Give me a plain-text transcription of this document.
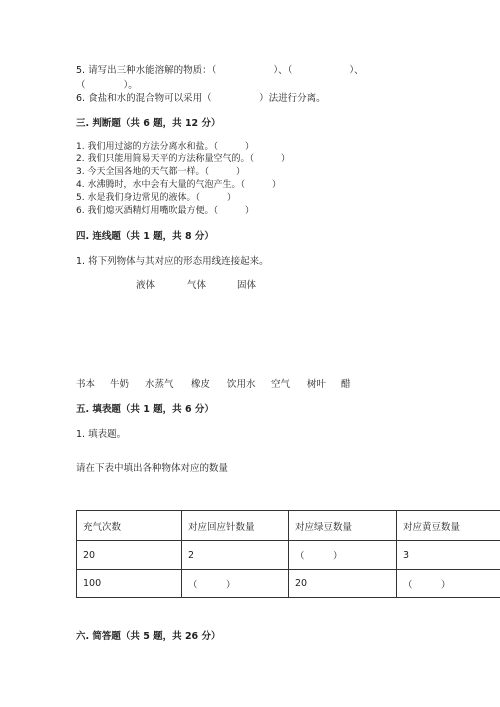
5. 请写出三种水能溶解的物质：（　　　　　　）、（　　　　　　）、
（　　　　）。
6. 食盐和水的混合物可以采用（　　　　　）法进行分离。
三. 判断题（共 6 题，共 12 分）
1. 我们用过滤的方法分离水和盐。（　　　）
2. 我们只能用简易天平的方法称量空气的。（　　　）
3. 今天全国各地的天气都一样。（　　　）
4. 水沸腾时，水中会有大量的气泡产生。（　　　）
5. 水是我们身边常见的液体。（　　　）
6. 我们熄灭酒精灯用嘴吹最方便。（　　　）
四. 连线题（共 1 题，共 8 分）
1. 将下列物体与其对应的形态用线连接起来。
液体	气体	固体
书本 牛奶 水蒸气 橡皮 饮用水 空气 树叶 醋
五. 填表题（共 1 题，共 6 分）
1. 填表题。
请在下表中填出各种物体对应的数量
充气次数	对应回应针数量	对应绿豆数量	对应黄豆数量
20	2	（　　　）	3
100	（　　　）	20	（　　　）
六. 简答题（共 5 题，共 26 分）
